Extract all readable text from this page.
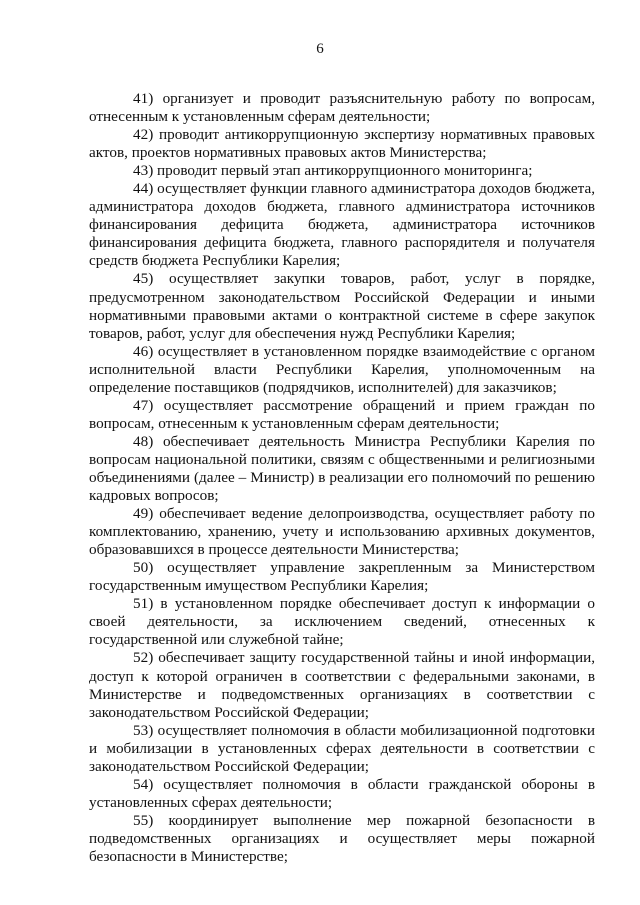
6

41) организует и проводит разъяснительную работу по вопросам, отнесенным к установленным сферам деятельности;

42) проводит антикоррупционную экспертизу нормативных правовых актов, проектов нормативных правовых актов Министерства;

43) проводит первый этап антикоррупционного мониторинга;

44) осуществляет функции главного администратора доходов бюджета, администратора доходов бюджета, главного администратора источников финансирования дефицита бюджета, администратора источников финансирования дефицита бюджета, главного распорядителя и получателя средств бюджета Республики Карелия;

45) осуществляет закупки товаров, работ, услуг в порядке, предусмотренном законодательством Российской Федерации и иными нормативными правовыми актами о контрактной системе в сфере закупок товаров, работ, услуг для обеспечения нужд Республики Карелия;

46) осуществляет в установленном порядке взаимодействие с органом исполнительной власти Республики Карелия, уполномоченным на определение поставщиков (подрядчиков, исполнителей) для заказчиков;

47) осуществляет рассмотрение обращений и прием граждан по вопросам, отнесенным к установленным сферам деятельности;

48) обеспечивает деятельность Министра Республики Карелия по вопросам национальной политики, связям с общественными и религиозными объединениями (далее – Министр) в реализации его полномочий по решению кадровых вопросов;

49) обеспечивает ведение делопроизводства, осуществляет работу по комплектованию, хранению, учету и использованию архивных документов, образовавшихся в процессе деятельности Министерства;

50) осуществляет управление закрепленным за Министерством государственным имуществом Республики Карелия;

51) в установленном порядке обеспечивает доступ к информации о своей деятельности, за исключением сведений, отнесенных к государственной или служебной тайне;

52) обеспечивает защиту государственной тайны и иной информации, доступ к которой ограничен в соответствии с федеральными законами, в Министерстве и подведомственных организациях в соответствии с законодательством Российской Федерации;

53) осуществляет полномочия в области мобилизационной подготовки и мобилизации в установленных сферах деятельности в соответствии с законодательством Российской Федерации;

54) осуществляет полномочия в области гражданской обороны в установленных сферах деятельности;

55) координирует выполнение мер пожарной безопасности в подведомственных организациях и осуществляет меры пожарной безопасности в Министерстве;
